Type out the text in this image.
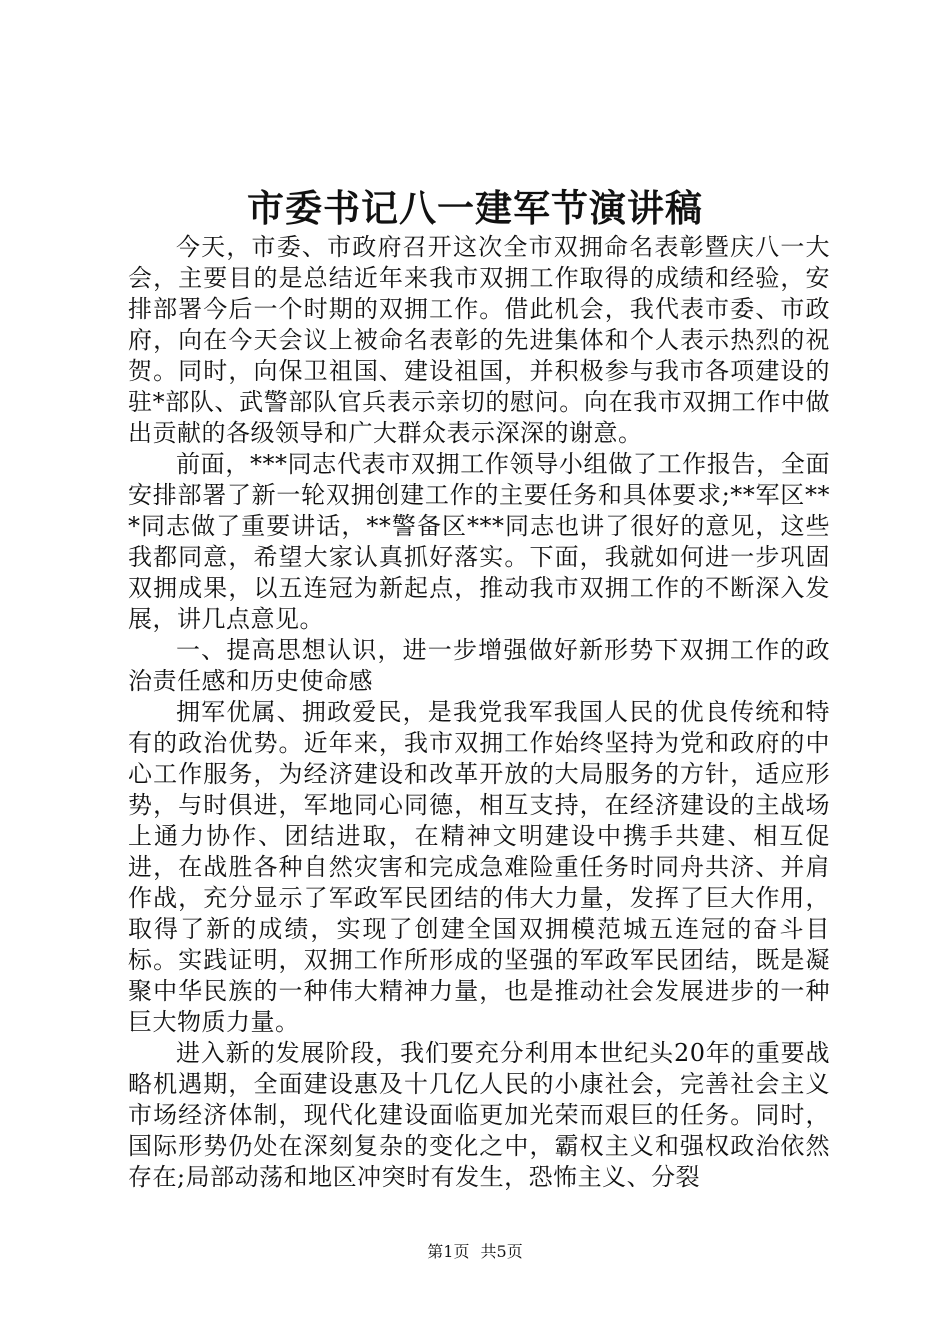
市委书记八一建军节演讲稿

今天，市委、市政府召开这次全市双拥命名表彰暨庆八一大会，主要目的是总结近年来我市双拥工作取得的成绩和经验，安排部署今后一个时期的双拥工作。借此机会，我代表市委、市政府，向在今天会议上被命名表彰的先进集体和个人表示热烈的祝贺。同时，向保卫祖国、建设祖国，并积极参与我市各项建设的驻*部队、武警部队官兵表示亲切的慰问。向在我市双拥工作中做出贡献的各级领导和广大群众表示深深的谢意。

前面，***同志代表市双拥工作领导小组做了工作报告，全面安排部署了新一轮双拥创建工作的主要任务和具体要求;**军区***同志做了重要讲话，**警备区***同志也讲了很好的意见，这些我都同意，希望大家认真抓好落实。下面，我就如何进一步巩固双拥成果，以五连冠为新起点，推动我市双拥工作的不断深入发展，讲几点意见。

一、提高思想认识，进一步增强做好新形势下双拥工作的政治责任感和历史使命感

拥军优属、拥政爱民，是我党我军我国人民的优良传统和特有的政治优势。近年来，我市双拥工作始终坚持为党和政府的中心工作服务，为经济建设和改革开放的大局服务的方针，适应形势，与时俱进，军地同心同德，相互支持，在经济建设的主战场上通力协作、团结进取，在精神文明建设中携手共建、相互促进，在战胜各种自然灾害和完成急难险重任务时同舟共济、并肩作战，充分显示了军政军民团结的伟大力量，发挥了巨大作用，取得了新的成绩，实现了创建全国双拥模范城五连冠的奋斗目标。实践证明，双拥工作所形成的坚强的军政军民团结，既是凝聚中华民族的一种伟大精神力量，也是推动社会发展进步的一种巨大物质力量。

进入新的发展阶段，我们要充分利用本世纪头20年的重要战略机遇期，全面建设惠及十几亿人民的小康社会，完善社会主义市场经济体制，现代化建设面临更加光荣而艰巨的任务。同时，国际形势仍处在深刻复杂的变化之中，霸权主义和强权政治依然存在;局部动荡和地区冲突时有发生，恐怖主义、分裂

第1页 共5页
